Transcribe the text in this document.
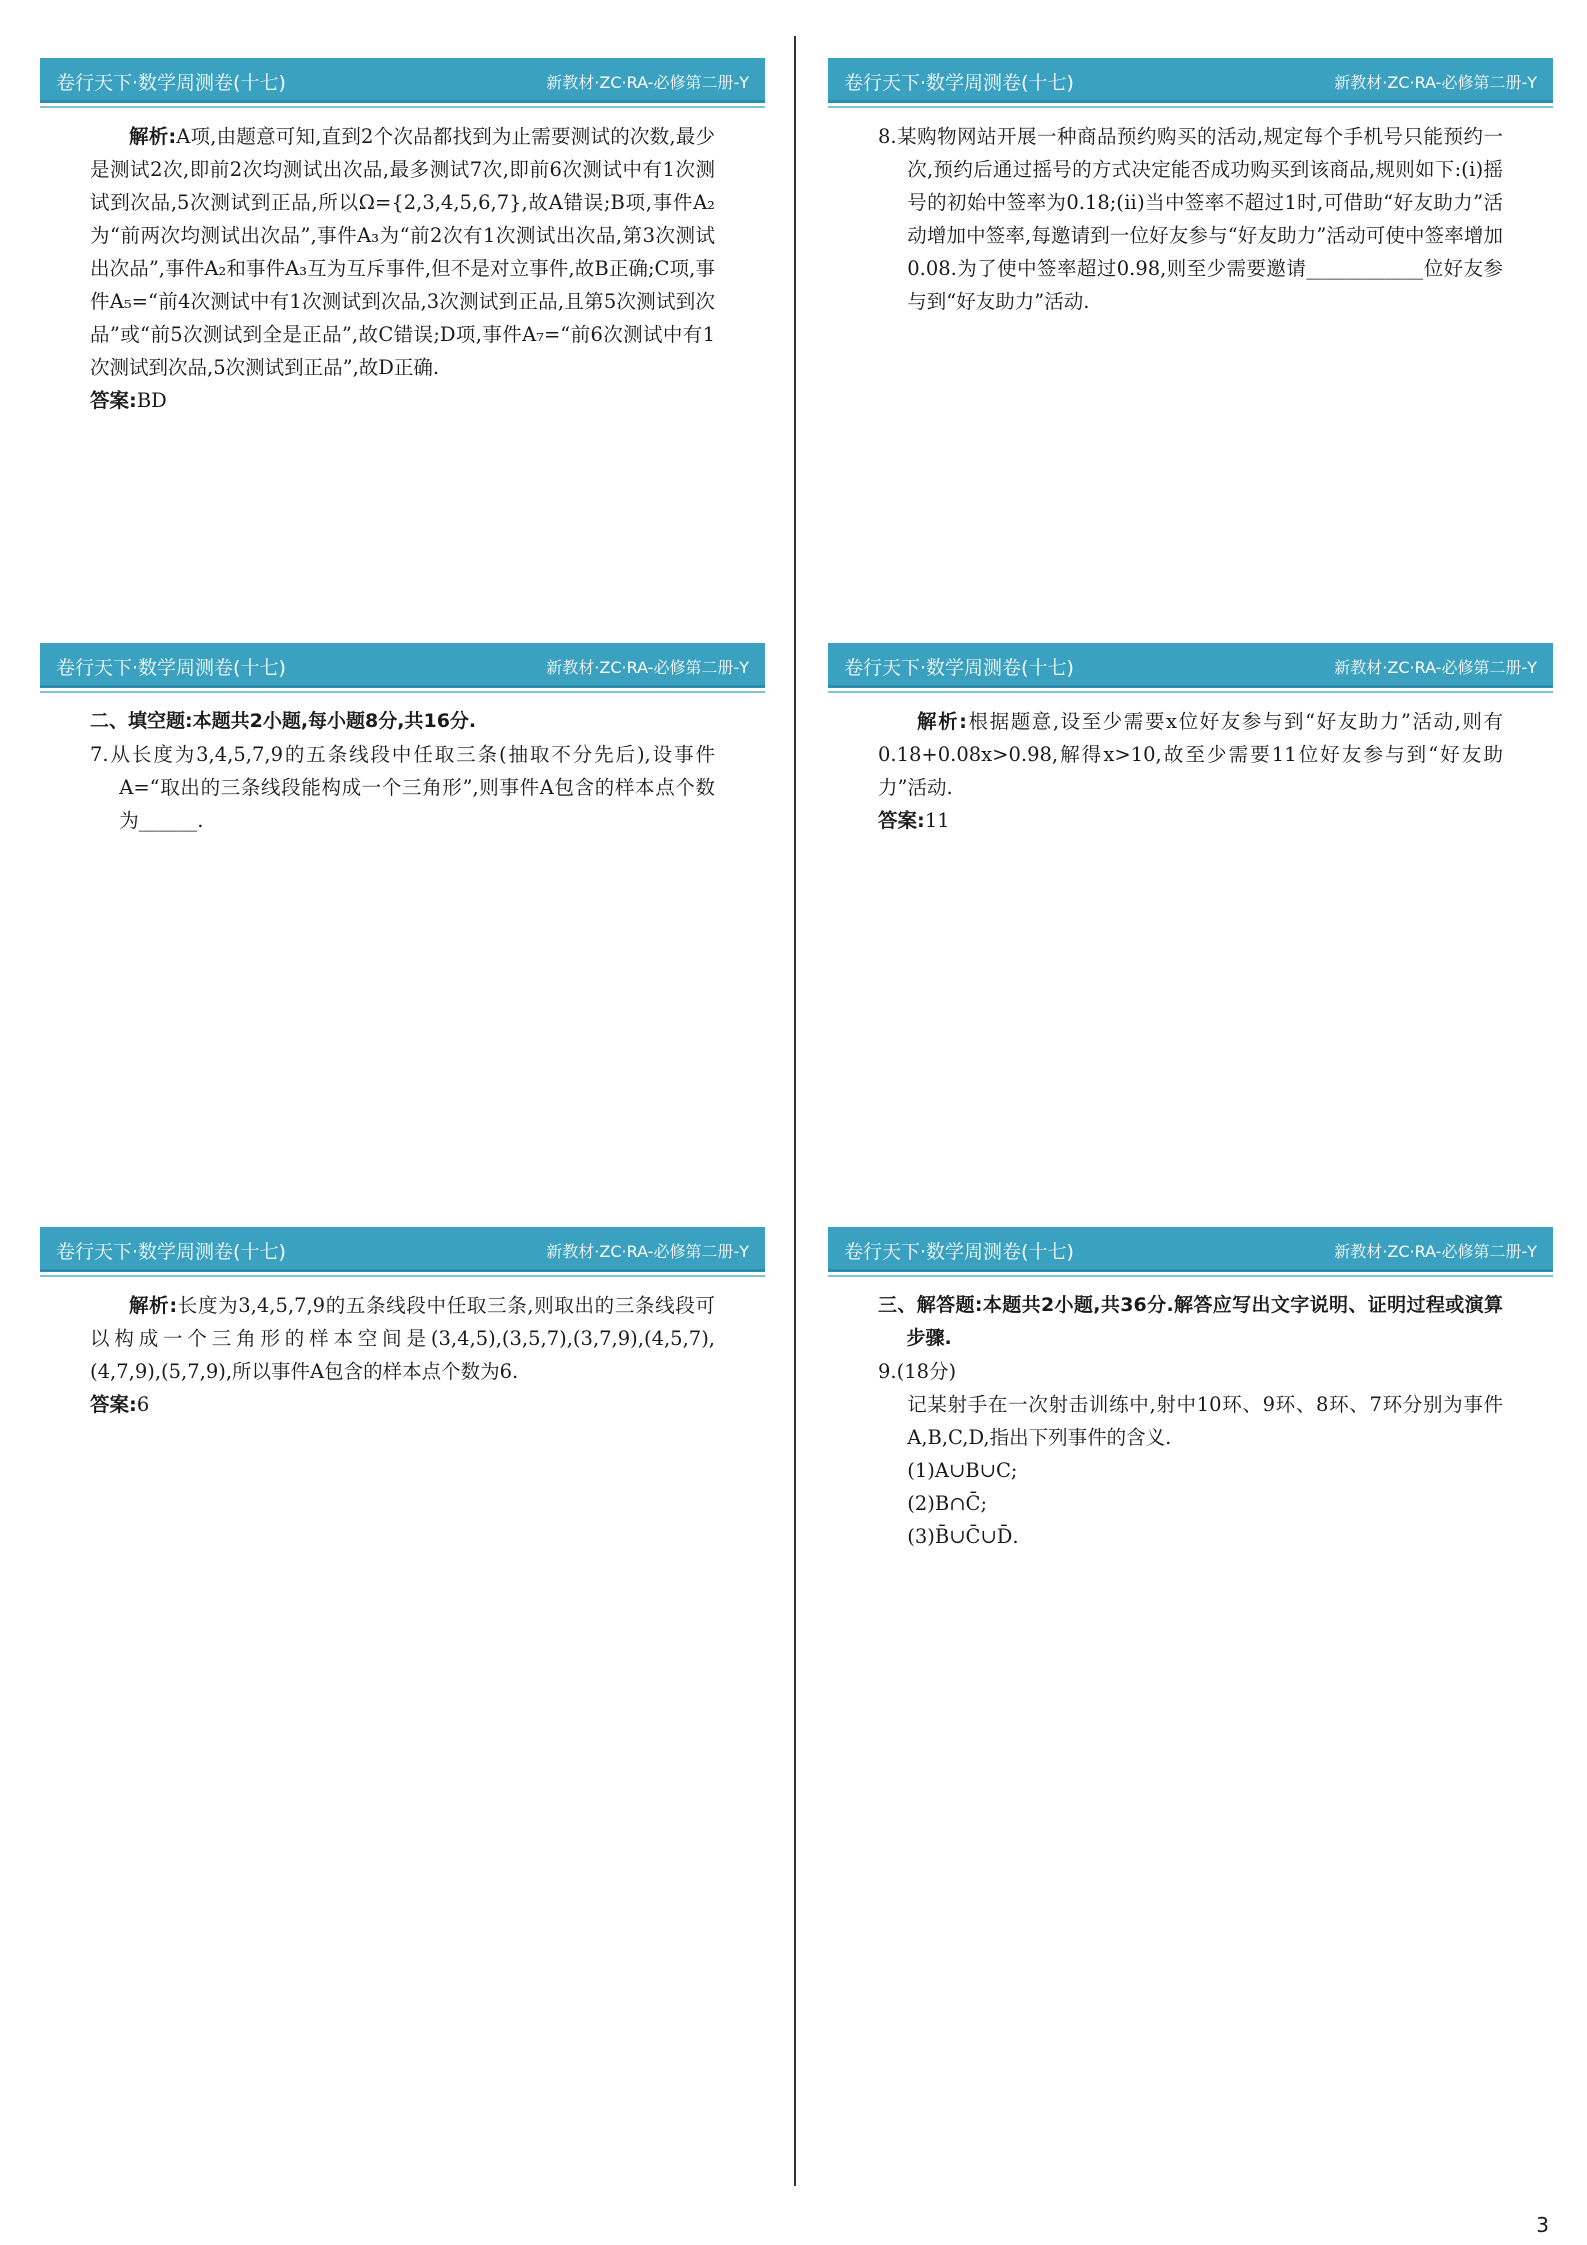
卷行天下·数学周测卷(十七)	新教材·ZC·RA-必修第二册-Y

解析:A项,由题意可知,直到2个次品都找到为止需要测试的次数,最少是测试2次,即前2次均测试出次品,最多测试7次,即前6次测试中有1次测试到次品,5次测试到正品,所以Ω={2,3,4,5,6,7},故A错误;B项,事件A₂为“前两次均测试出次品”,事件A₃为“前2次有1次测试出次品,第3次测试出次品”,事件A₂和事件A₃互为互斥事件,但不是对立事件,故B正确;C项,事件A₅=“前4次测试中有1次测试到次品,3次测试到正品,且第5次测试到次品”或“前5次测试到全是正品”,故C错误;D项,事件A₇=“前6次测试中有1次测试到次品,5次测试到正品”,故D正确.

答案:BD

卷行天下·数学周测卷(十七)	新教材·ZC·RA-必修第二册-Y

8.某购物网站开展一种商品预约购买的活动,规定每个手机号只能预约一次,预约后通过摇号的方式决定能否成功购买到该商品,规则如下:(ⅰ)摇号的初始中签率为0.18;(ⅱ)当中签率不超过1时,可借助“好友助力”活动增加中签率,每邀请到一位好友参与“好友助力”活动可使中签率增加0.08.为了使中签率超过0.98,则至少需要邀请____________位好友参与到“好友助力”活动.

卷行天下·数学周测卷(十七)	新教材·ZC·RA-必修第二册-Y

二、填空题:本题共2小题,每小题8分,共16分.

7.从长度为3,4,5,7,9的五条线段中任取三条(抽取不分先后),设事件A=“取出的三条线段能构成一个三角形”,则事件A包含的样本点个数为______.

卷行天下·数学周测卷(十七)	新教材·ZC·RA-必修第二册-Y

解析:根据题意,设至少需要x位好友参与到“好友助力”活动,则有0.18+0.08x>0.98,解得x>10,故至少需要11位好友参与到“好友助力”活动.

答案:11

卷行天下·数学周测卷(十七)	新教材·ZC·RA-必修第二册-Y

解析:长度为3,4,5,7,9的五条线段中任取三条,则取出的三条线段可以构成一个三角形的样本空间是(3,4,5),(3,5,7),(3,7,9),(4,5,7),(4,7,9),(5,7,9),所以事件A包含的样本点个数为6.

答案:6

卷行天下·数学周测卷(十七)	新教材·ZC·RA-必修第二册-Y

三、解答题:本题共2小题,共36分.解答应写出文字说明、证明过程或演算步骤.

9.(18分)

记某射手在一次射击训练中,射中10环、9环、8环、7环分别为事件A,B,C,D,指出下列事件的含义.

(1)A∪B∪C;

(2)B∩C̄;

(3)B̄∪C̄∪D̄.

3
